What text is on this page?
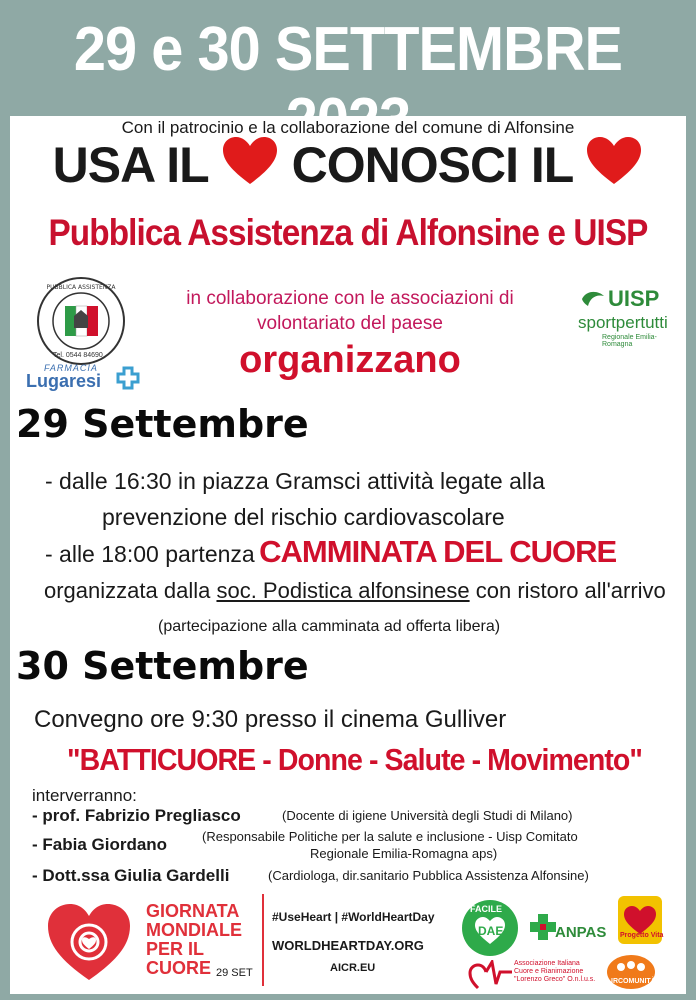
29 e 30 SETTEMBRE
Con il patrocinio e la collaborazione del comune di Alfonsine
USA IL CONOSCI IL
Pubblica Assistenza di Alfonsine e UISP
PUBBLICA ASSISTENZA
Tel. 0544 84690
FARMACIA
Lugaresi
in collaborazione con le associazioni di
volontariato del paese
organizzano
UISP
sportpertutti
Regionale Emilia-Romagna
29 Settembre
- dalle 16:30 in piazza Gramsci attività legate alla
prevenzione del rischio cardiovascolare
- alle 18:00 partenza CAMMINATA DEL CUORE
organizzata dalla soc. Podistica alfonsinese con ristoro all'arrivo
(partecipazione alla camminata ad offerta libera)
30 Settembre
Convegno ore 9:30 presso il cinema Gulliver
"BATTICUORE - Donne - Salute - Movimento"
interverranno:
- prof. Fabrizio Pregliasco	(Docente di igiene Università degli Studi di Milano)
- Fabia Giordano	(Responsabile Politiche per la salute e inclusione - Uisp Comitato
Regionale Emilia-Romagna aps)
- Dott.ssa Giulia Gardelli	(Cardiologa, dir.sanitario Pubblica Assistenza Alfonsine)
GIORNATA
MONDIALE
PER IL
CUORE 29 SET
#UseHeart | #WorldHeartDay
WORLDHEARTDAY.ORG
AICR.EU
FACILE
DAE	ANPAS Progetto Vita
Associazione Italiana
Cuore e Rianimazione
"Lorenzo Greco" O.n.l.u.s. IRCOMUNITÀ
